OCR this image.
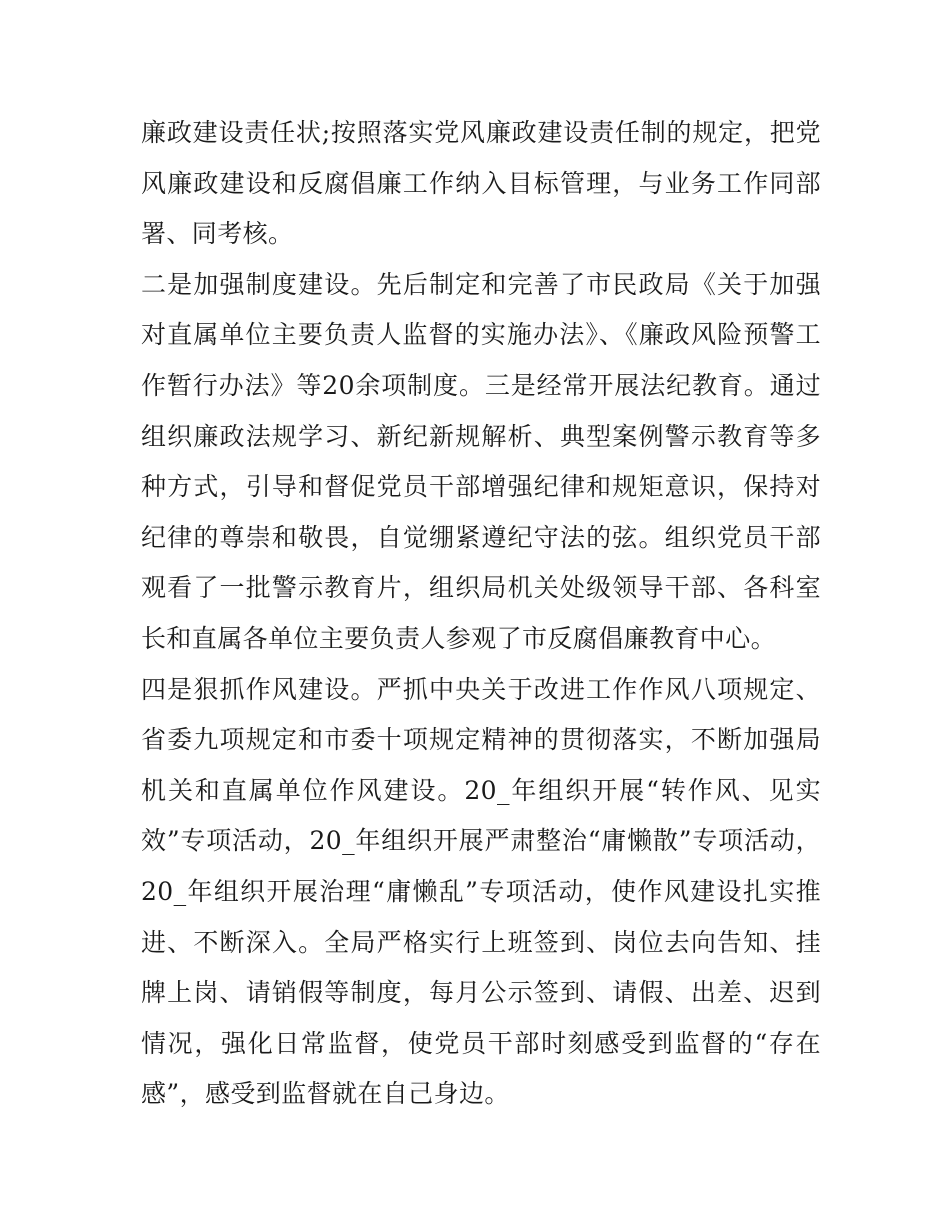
廉政建设责任状;按照落实党风廉政建设责任制的规定，把党风廉政建设和反腐倡廉工作纳入目标管理，与业务工作同部署、同考核。

二是加强制度建设。先后制定和完善了市民政局《关于加强对直属单位主要负责人监督的实施办法》、《廉政风险预警工作暂行办法》等20余项制度。三是经常开展法纪教育。通过组织廉政法规学习、新纪新规解析、典型案例警示教育等多种方式，引导和督促党员干部增强纪律和规矩意识，保持对纪律的尊崇和敬畏，自觉绷紧遵纪守法的弦。组织党员干部观看了一批警示教育片，组织局机关处级领导干部、各科室长和直属各单位主要负责人参观了市反腐倡廉教育中心。

四是狠抓作风建设。严抓中央关于改进工作作风八项规定、省委九项规定和市委十项规定精神的贯彻落实，不断加强局机关和直属单位作风建设。20_年组织开展“转作风、见实效”专项活动，20_年组织开展严肃整治“庸懒散”专项活动，20_年组织开展治理“庸懒乱”专项活动，使作风建设扎实推进、不断深入。全局严格实行上班签到、岗位去向告知、挂牌上岗、请销假等制度，每月公示签到、请假、出差、迟到情况，强化日常监督，使党员干部时刻感受到监督的“存在感”，感受到监督就在自己身边。
